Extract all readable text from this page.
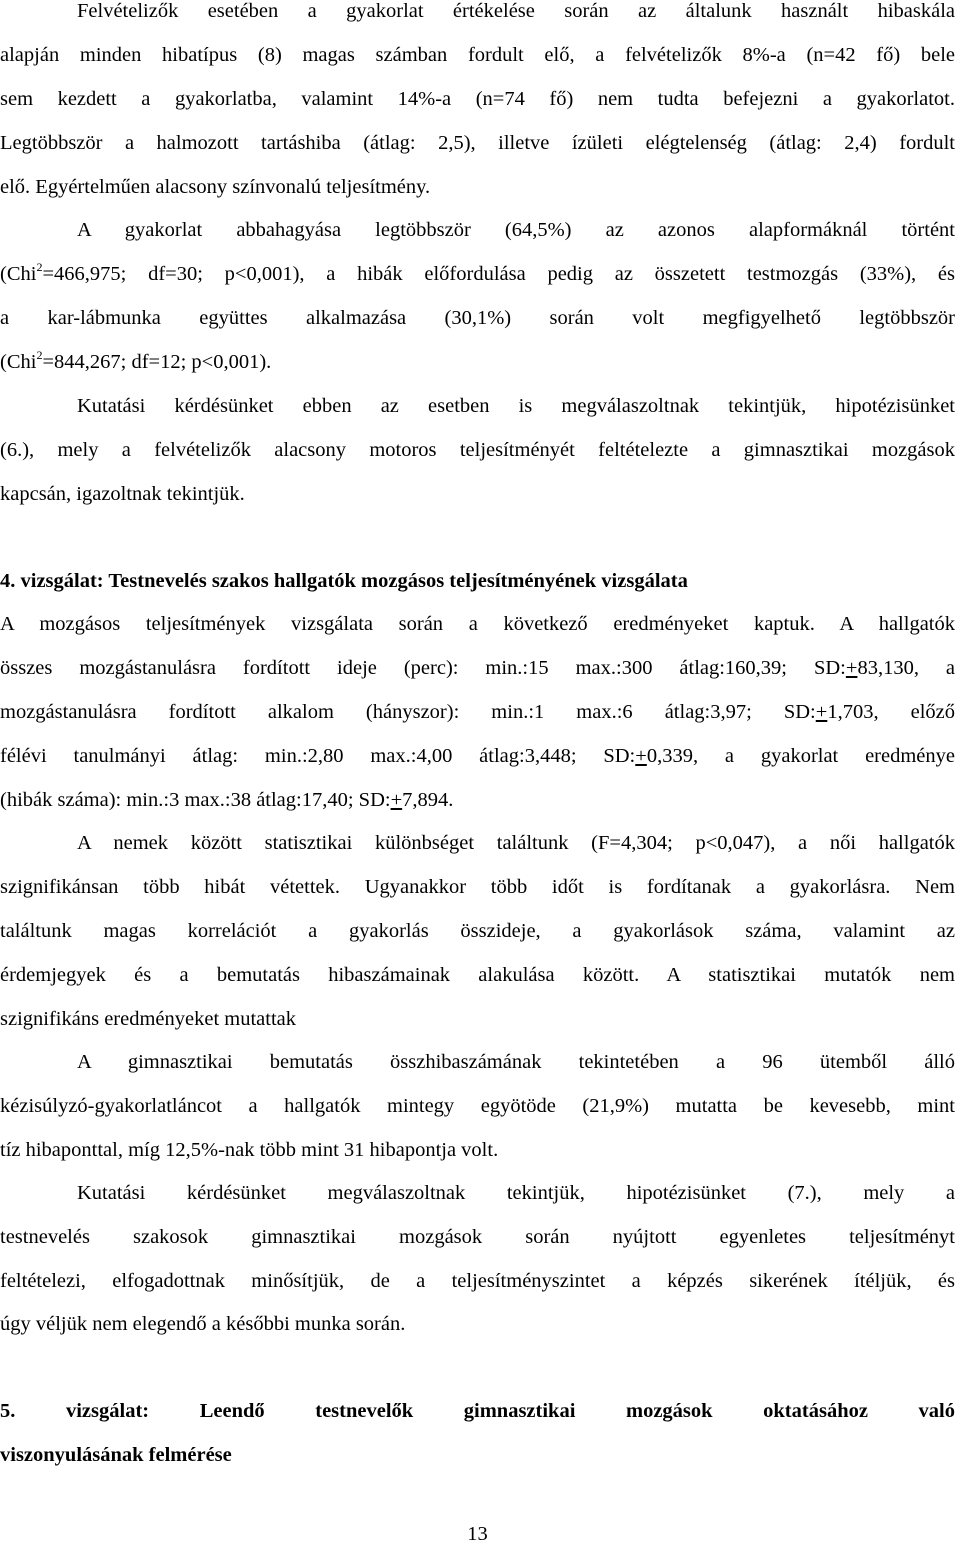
Felvételizők esetében a gyakorlat értékelése során az általunk használt hibaskála
alapján minden hibatípus (8) magas számban fordult elő, a felvételizők 8%-a (n=42 fő) bele
sem kezdett a gyakorlatba, valamint 14%-a (n=74 fő) nem tudta befejezni a gyakorlatot.
Legtöbbször a halmozott tartáshiba (átlag: 2,5), illetve ízületi elégtelenség (átlag: 2,4) fordult
elő. Egyértelműen alacsony színvonalú teljesítmény.
A gyakorlat abbahagyása legtöbbször (64,5%) az azonos alapformáknál történt
(Chi$^2$=466,975; df=30; p<0,001), a hibák előfordulása pedig az összetett testmozgás (33%), és
a kar-lábmunka együttes alkalmazása (30,1%) során volt megfigyelhető legtöbbször
(Chi$^2$=844,267; df=12; p<0,001).
Kutatási kérdésünket ebben az esetben is megválaszoltnak tekintjük, hipotézisünket
(6.), mely a felvételizők alacsony motoros teljesítményét feltételezte a gimnasztikai mozgások
kapcsán, igazoltnak tekintjük.
4. vizsgálat: Testnevelés szakos hallgatók mozgásos teljesítményének vizsgálata
A mozgásos teljesítmények vizsgálata során a következő eredményeket kaptuk. A hallgatók
összes mozgástanulásra fordított ideje (perc): min.:15 max.:300 átlag:160,39; SD:+83,130, a
mozgástanulásra fordított alkalom (hányszor): min.:1 max.:6 átlag:3,97; SD:+1,703, előző
félévi tanulmányi átlag: min.:2,80 max.:4,00 átlag:3,448; SD:+0,339, a gyakorlat eredménye
(hibák száma): min.:3 max.:38 átlag:17,40; SD:+7,894.
A nemek között statisztikai különbséget találtunk (F=4,304; p<0,047), a női hallgatók
szignifikánsan több hibát vétettek. Ugyanakkor több időt is fordítanak a gyakorlásra. Nem
találtunk magas korrelációt a gyakorlás összideje, a gyakorlások száma, valamint az
érdemjegyek és a bemutatás hibaszámainak alakulása között. A statisztikai mutatók nem
szignifikáns eredményeket mutattak
A gimnasztikai bemutatás összhibaszámának tekintetében a 96 ütemből álló
kézisúlyzó-gyakorlatláncot a hallgatók mintegy egyötöde (21,9%) mutatta be kevesebb, mint
tíz hibaponttal, míg 12,5%-nak több mint 31 hibapontja volt.
Kutatási kérdésünket megválaszoltnak tekintjük, hipotézisünket (7.), mely a
testnevelés szakosok gimnasztikai mozgások során nyújtott egyenletes teljesítményt
feltételezi, elfogadottnak minősítjük, de a teljesítményszintet a képzés sikerének ítéljük, és
úgy véljük nem elegendő a későbbi munka során.
5. vizsgálat: Leendő testnevelők gimnasztikai mozgások oktatásához való
viszonyulásának felmérése
13
